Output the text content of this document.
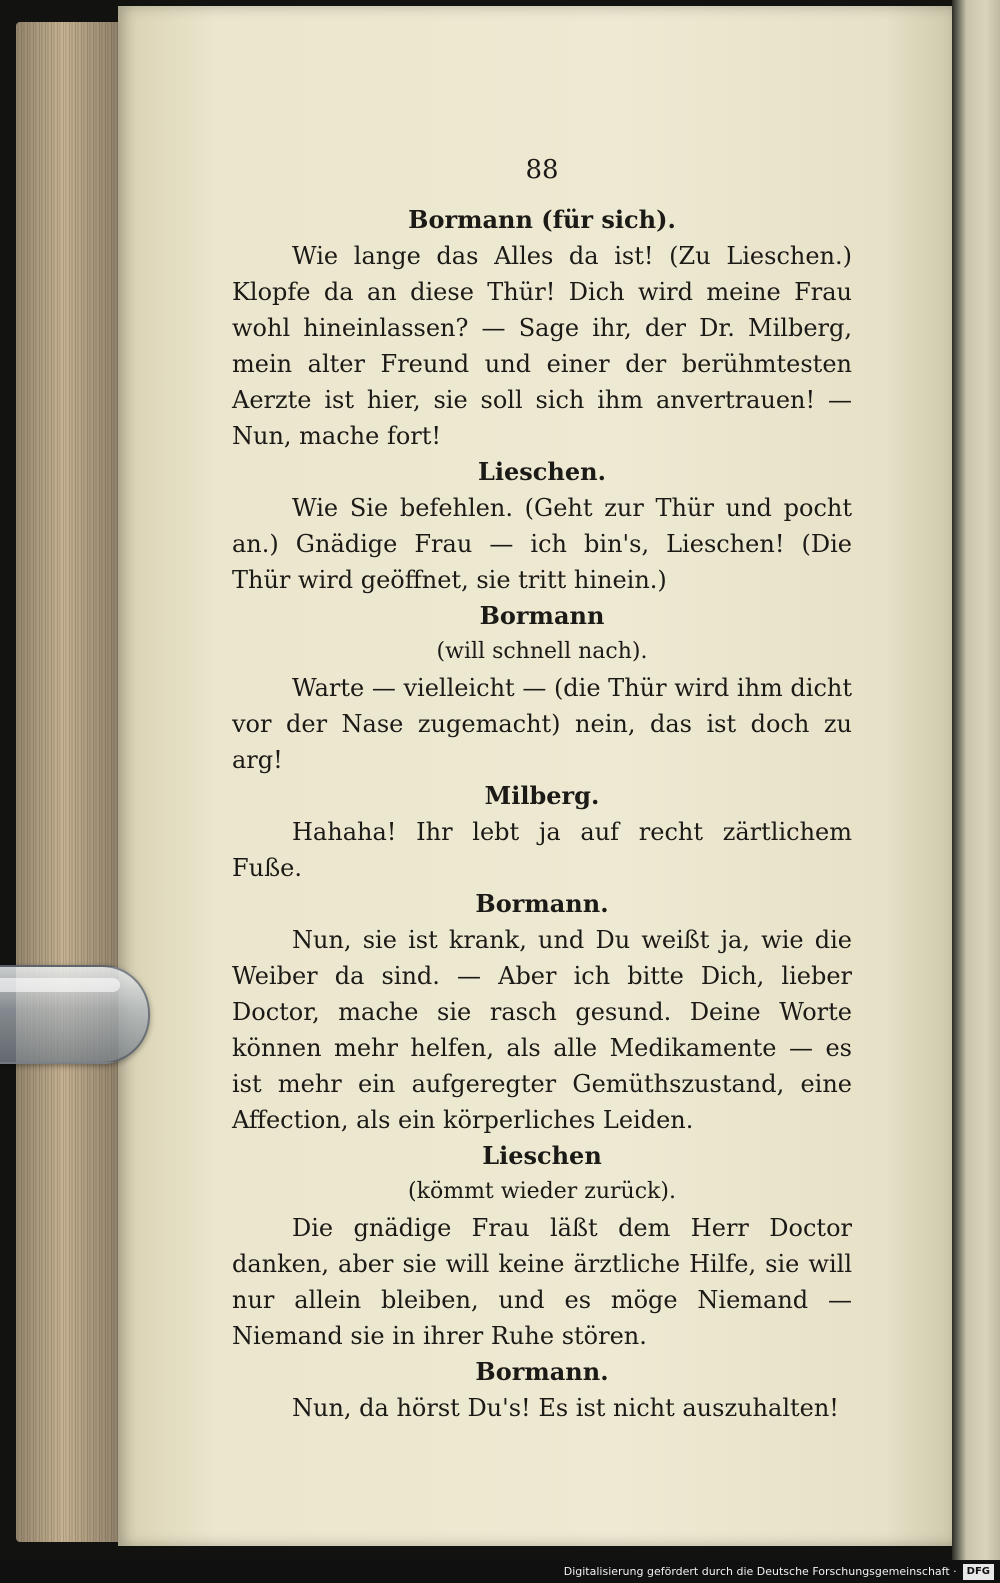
88

Bormann (für sich).

Wie lange das Alles da ist! (Zu Lieschen.) Klopfe da an diese Thür! Dich wird meine Frau wohl hineinlassen? — Sage ihr, der Dr. Milberg, mein alter Freund und einer der berühmtesten Aerzte ist hier, sie soll sich ihm anvertrauen! — Nun, mache fort!

Lieschen.

Wie Sie befehlen. (Geht zur Thür und pocht an.) Gnädige Frau — ich bin's, Lieschen! (Die Thür wird geöffnet, sie tritt hinein.)

Bormann

(will schnell nach).

Warte — vielleicht — (die Thür wird ihm dicht vor der Nase zugemacht) nein, das ist doch zu arg!

Milberg.

Hahaha! Ihr lebt ja auf recht zärtlichem Fuße.

Bormann.

Nun, sie ist krank, und Du weißt ja, wie die Weiber da sind. — Aber ich bitte Dich, lieber Doctor, mache sie rasch gesund. Deine Worte können mehr helfen, als alle Medikamente — es ist mehr ein aufgeregter Gemüthszustand, eine Affection, als ein körperliches Leiden.

Lieschen

(kömmt wieder zurück).

Die gnädige Frau läßt dem Herr Doctor danken, aber sie will keine ärztliche Hilfe, sie will nur allein bleiben, und es möge Niemand — Niemand sie in ihrer Ruhe stören.

Bormann.

Nun, da hörst Du's! Es ist nicht auszuhalten!

Digitalisierung gefördert durch die Deutsche Forschungsgemeinschaft · DFG
